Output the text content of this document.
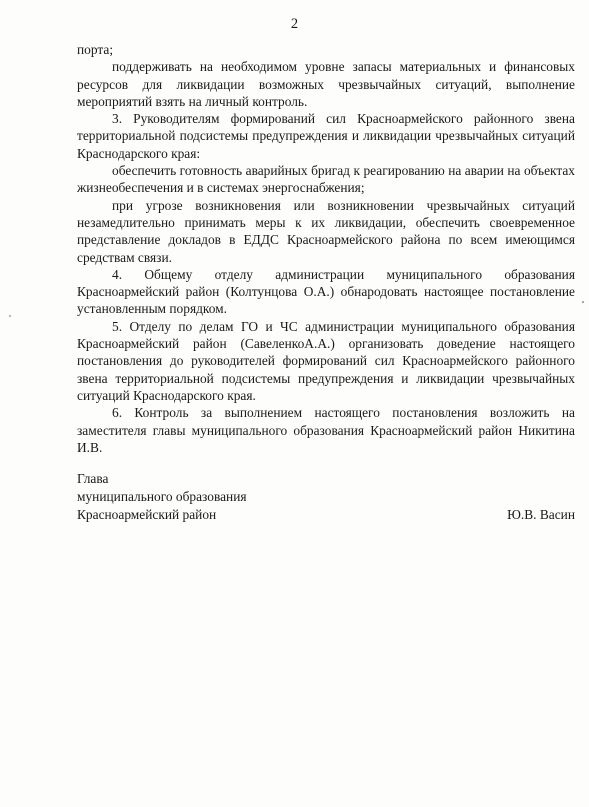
2

порта;

поддерживать на необходимом уровне запасы материальных и финансовых ресурсов для ликвидации возможных чрезвычайных ситуаций, выполнение мероприятий взять на личный контроль.

3. Руководителям формирований сил Красноармейского районного звена территориальной подсистемы предупреждения и ликвидации чрезвычайных ситуаций Краснодарского края:

обеспечить готовность аварийных бригад к реагированию на аварии на объектах жизнеобеспечения и в системах энергоснабжения;

при угрозе возникновения или возникновении чрезвычайных ситуаций незамедлительно принимать меры к их ликвидации, обеспечить своевременное представление докладов в ЕДДС Красноармейского района по всем имеющимся средствам связи.

4. Общему отделу администрации муниципального образования Красноармейский район (Колтунцова О.А.) обнародовать настоящее постановление установленным порядком.

5. Отделу по делам ГО и ЧС администрации муниципального образования Красноармейский район (СавеленкоА.А.) организовать доведение настоящего постановления до руководителей формирований сил Красноармейского районного звена территориальной подсистемы предупреждения и ликвидации чрезвычайных ситуаций Краснодарского края.

6. Контроль за выполнением настоящего постановления возложить на заместителя главы муниципального образования Красноармейский район Никитина И.В.

Глава
муниципального образования
Красноармейский район	Ю.В. Васин
